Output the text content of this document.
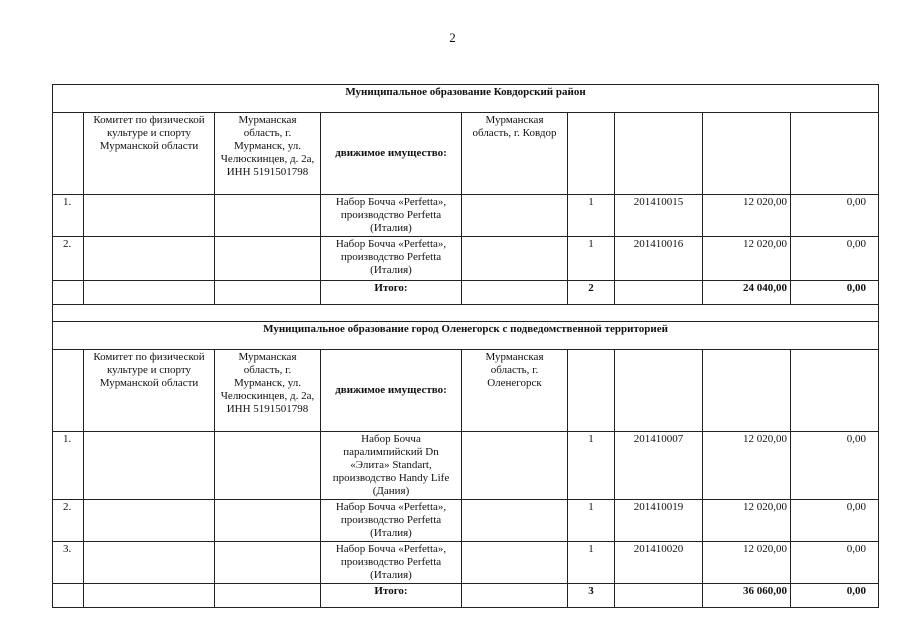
2
Муниципальное образование Ковдорский район								
	Комитет по физической культуре и спорту Мурманской области	Мурманская область, г. Мурманск, ул. Челюскинцев, д. 2а, ИНН 5191501798	движимое имущество:	Мурманская область, г. Ковдор				
1.			Набор Бочча «Perfetta», производство Perfetta (Италия)		1	201410015	12 020,00	0,00
2.			Набор Бочча «Perfetta», производство Perfetta (Италия)		1	201410016	12 020,00	0,00
			Итого:		2		24 040,00	0,00

Муниципальное образование город Оленегорск с подведомственной территорией								
	Комитет по физической культуре и спорту Мурманской области	Мурманская область, г. Мурманск, ул. Челюскинцев, д. 2а, ИНН 5191501798	движимое имущество:	Мурманская область, г. Оленегорск				
1.			Набор Бочча паралимпийский Dn «Элита» Standart, производство Handy Life (Дания)		1	201410007	12 020,00	0,00
2.			Набор Бочча «Perfetta», производство Perfetta (Италия)		1	201410019	12 020,00	0,00
3.			Набор Бочча «Perfetta», производство Perfetta (Италия)		1	201410020	12 020,00	0,00
			Итого:		3		36 060,00	0,00
